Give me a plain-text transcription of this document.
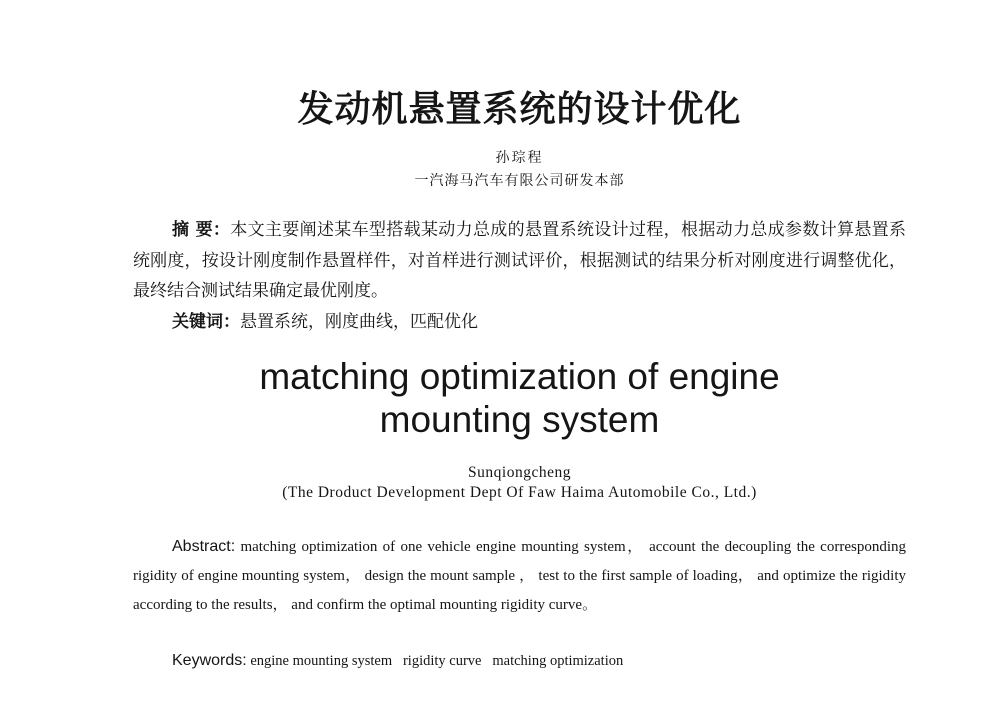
发动机悬置系统的设计优化
孙琮程
一汽海马汽车有限公司研发本部

摘 要：本文主要阐述某车型搭载某动力总成的悬置系统设计过程，根据动力总成参数计算悬置系统刚度，按设计刚度制作悬置样件，对首样进行测试评价，根据测试的结果分析对刚度进行调整优化，最终结合测试结果确定最优刚度。

关键词：悬置系统，刚度曲线，匹配优化
matching optimization of engine
mounting system
Sunqiongcheng
(The Droduct Development Dept Of Faw Haima Automobile Co., Ltd.)

Abstract: matching optimization of one vehicle engine mounting system， account the decoupling the corresponding rigidity of engine mounting system， design the mount sample ， test to the first sample of loading， and optimize the rigidity according to the results， and confirm the optimal mounting rigidity curve。

Keywords: engine mounting system   rigidity curve   matching optimization
